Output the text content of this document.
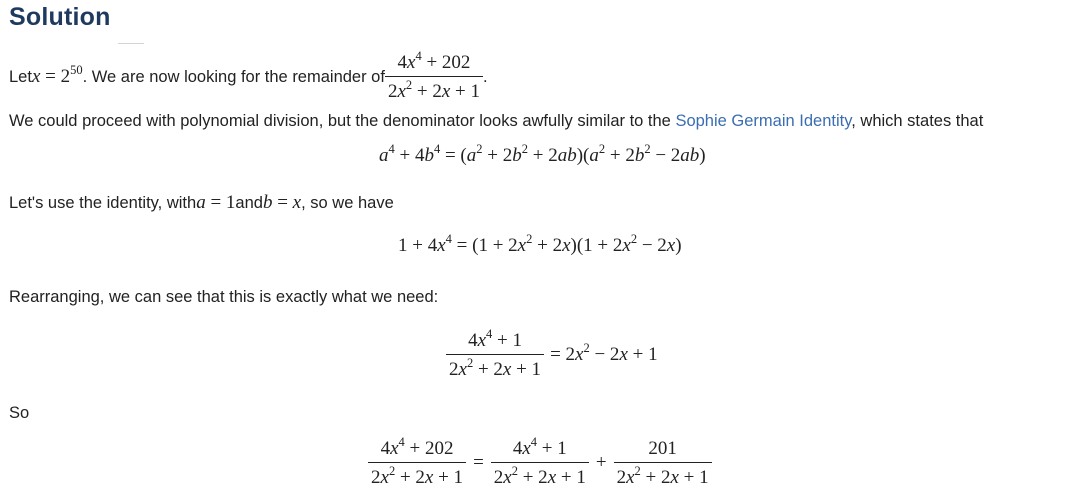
Solution
Let $x = 2^{50}$ . We are now looking for the remainder of $\frac{4x^4 + 202}{2x^2 + 2x + 1}$ .
We could proceed with polynomial division, but the denominator looks awfully similar to the Sophie Germain Identity, which states that
$a^4 + 4b^4 = (a^2 + 2b^2 + 2ab)(a^2 + 2b^2 - 2ab)$
Let's use the identity, with a = 1 and b = x , so we have
$1 + 4x^4 = (1 + 2x^2 + 2x)(1 + 2x^2 - 2x)$
Rearranging, we can see that this is exactly what we need:
$\frac{4x^4 + 1}{2x^2 + 2x + 1} = 2x^2 - 2x + 1$
So
$\frac{4x^4 + 202}{2x^2 + 2x + 1} = \frac{4x^4 + 1}{2x^2 + 2x + 1} + \frac{201}{2x^2 + 2x + 1}$
